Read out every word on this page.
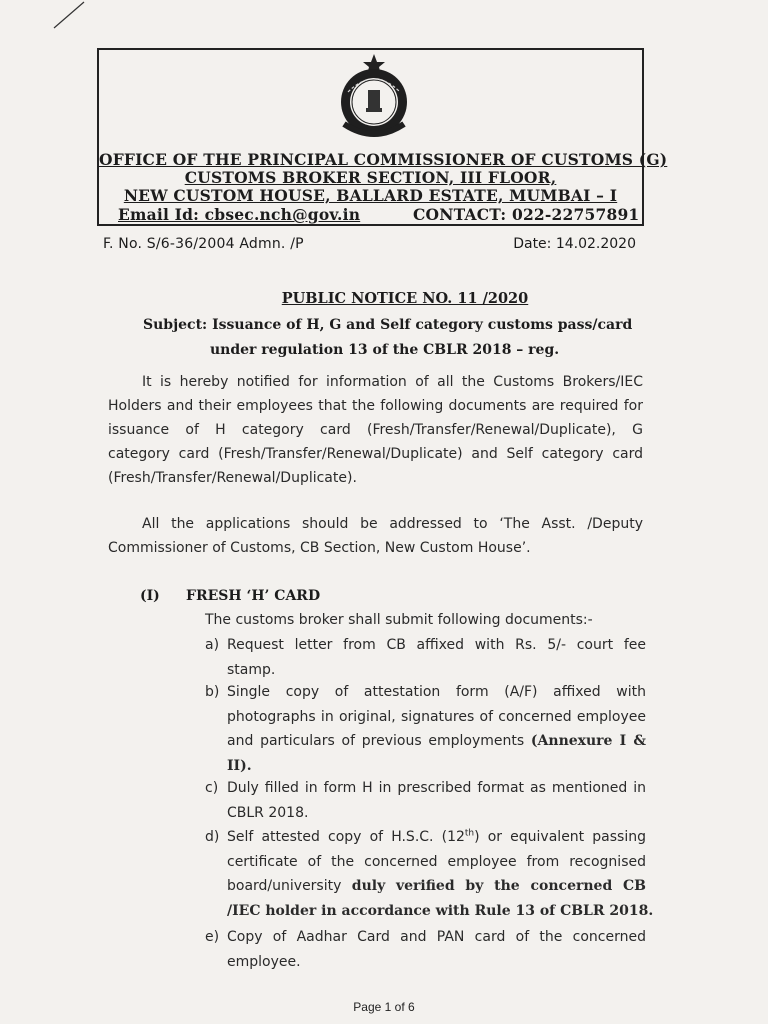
OFFICE OF THE PRINCIPAL COMMISSIONER OF CUSTOMS (G)
CUSTOMS BROKER SECTION, III FLOOR,
NEW CUSTOM HOUSE, BALLARD ESTATE, MUMBAI – I
Email Id: cbsec.nch@gov.in	CONTACT: 022-22757891
F. No. S/6-36/2004 Admn. /P	Date: 14.02.2020
PUBLIC NOTICE NO. 11 /2020
Subject: Issuance of H, G and Self category customs pass/card
under regulation 13 of the CBLR 2018 – reg.
It is hereby notified for information of all the Customs Brokers/IEC
Holders and their employees that the following documents are required for
issuance of H category card (Fresh/Transfer/Renewal/Duplicate), G
category card (Fresh/Transfer/Renewal/Duplicate) and Self category card
(Fresh/Transfer/Renewal/Duplicate).
All the applications should be addressed to ‘The Asst. /Deputy
Commissioner of Customs, CB Section, New Custom House’.
(I) FRESH ‘H’ CARD
The customs broker shall submit following documents:-
a) Request letter from CB affixed with Rs. 5/- court fee
stamp.
b) Single copy of attestation form (A/F) affixed with
photographs in original, signatures of concerned employee
and particulars of previous employments (Annexure I &
II).
c) Duly filled in form H in prescribed format as mentioned in
CBLR 2018.
d) Self attested copy of H.S.C. (12th) or equivalent passing
certificate of the concerned employee from recognised
board/university duly verified by the concerned CB
/IEC holder in accordance with Rule 13 of CBLR 2018.
e) Copy of Aadhar Card and PAN card of the concerned
employee.
Page 1 of 6
